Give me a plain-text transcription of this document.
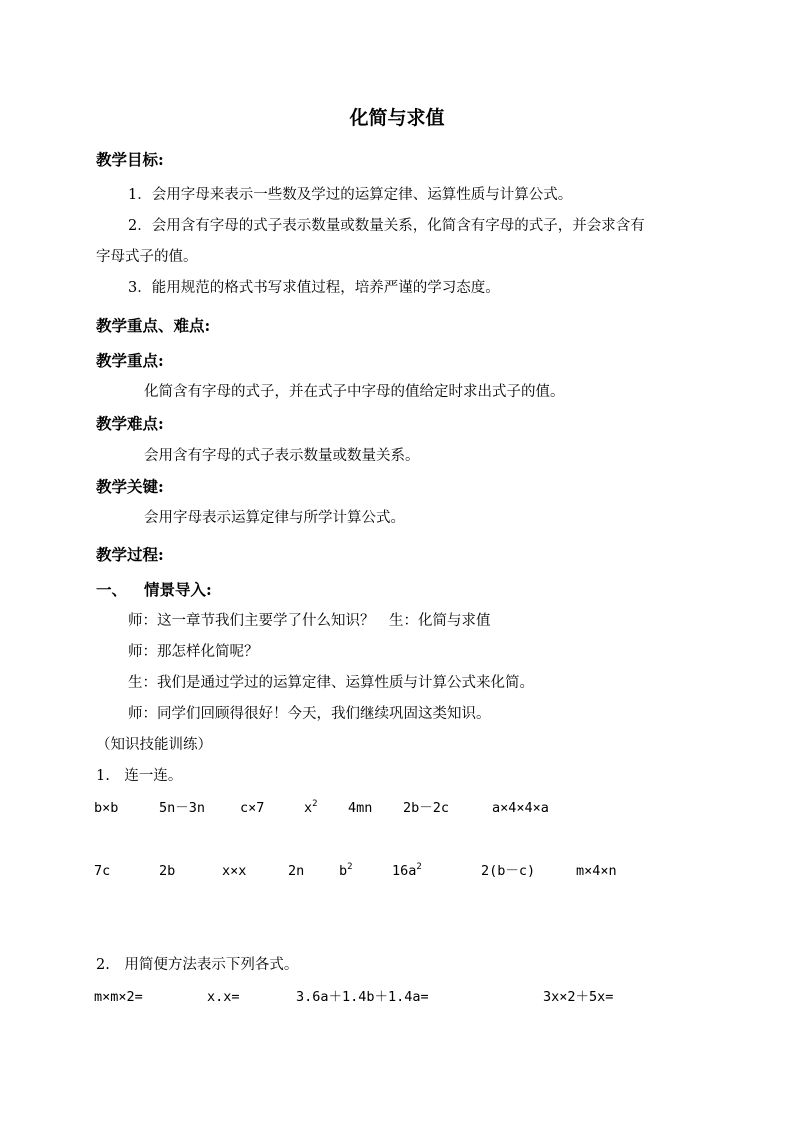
化简与求值
教学目标:
1．会用字母来表示一些数及学过的运算定律、运算性质与计算公式。
2．会用含有字母的式子表示数量或数量关系，化简含有字母的式子，并会求含有
字母式子的值。
3．能用规范的格式书写求值过程，培养严谨的学习态度。
教学重点、难点:
教学重点:
化简含有字母的式子，并在式子中字母的值给定时求出式子的值。
教学难点:
会用含有字母的式子表示数量或数量关系。
教学关键:
会用字母表示运算定律与所学计算公式。
教学过程:
一、 情景导入:
师：这一章节我们主要学了什么知识？　生：化简与求值
师：那怎样化简呢？
生：我们是通过学过的运算定律、运算性质与计算公式来化简。
师：同学们回顾得很好！今天，我们继续巩固这类知识。
（知识技能训练）
1.　连一连。
b×b	5n－3n	c×7	$x^2$ 4mn 2b－2c	a×4×4×a
7c	2b	x×x	2n	$b^2$	$16a^2$	2(b－c)	m×4×n
2.　用简便方法表示下列各式。
m×m×2=	x.x=	3.6a＋1.4b＋1.4a=	3x×2＋5x=
